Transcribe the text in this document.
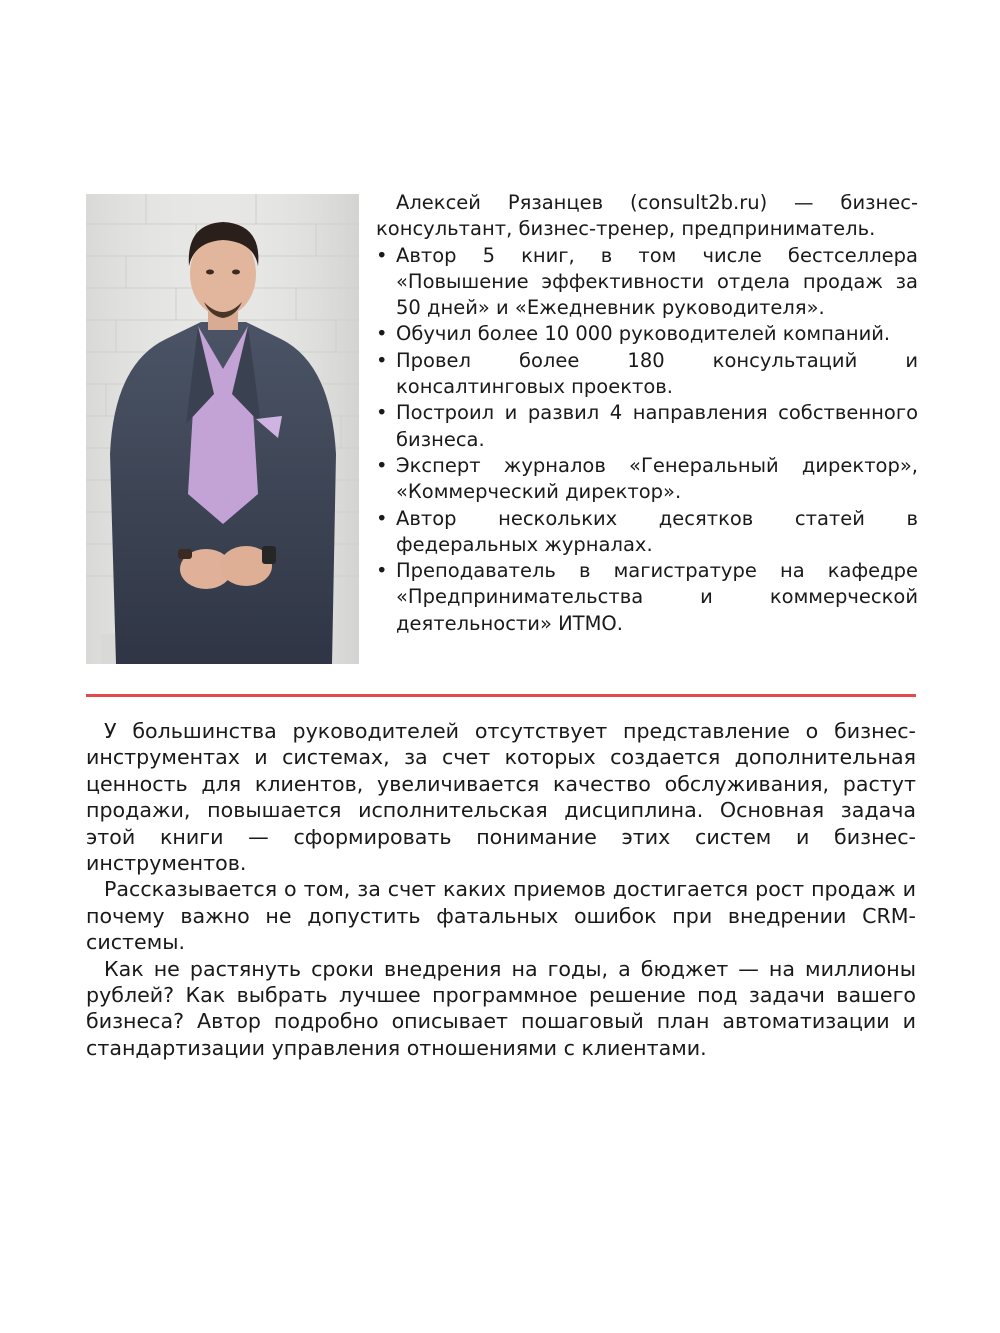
Алексей Рязанцев (consult2b.ru) — бизнес-консультант, бизнес-тренер, предприниматель.

• Автор 5 книг, в том числе бестселлера «Повышение эффективности отдела продаж за 50 дней» и «Ежедневник руководителя».
• Обучил более 10 000 руководителей компаний.
• Провел более 180 консультаций и консалтинговых проектов.
• Построил и развил 4 направления собственного бизнеса.
• Эксперт журналов «Генеральный директор», «Коммерческий директор».
• Автор нескольких десятков статей в федеральных журналах.
• Преподаватель в магистратуре на кафедре «Предпринимательства и коммерческой деятельности» ИТМО.

У большинства руководителей отсутствует представление о бизнес-инструментах и системах, за счет которых создается дополнительная ценность для клиентов, увеличивается качество обслуживания, растут продажи, повышается исполнительская дисциплина. Основная задача этой книги — сформировать понимание этих систем и бизнес-инструментов.

Рассказывается о том, за счет каких приемов достигается рост продаж и почему важно не допустить фатальных ошибок при внедрении CRM-системы.

Как не растянуть сроки внедрения на годы, а бюджет — на миллионы рублей? Как выбрать лучшее программное решение под задачи вашего бизнеса? Автор подробно описывает пошаговый план автоматизации и стандартизации управления отношениями с клиентами.
